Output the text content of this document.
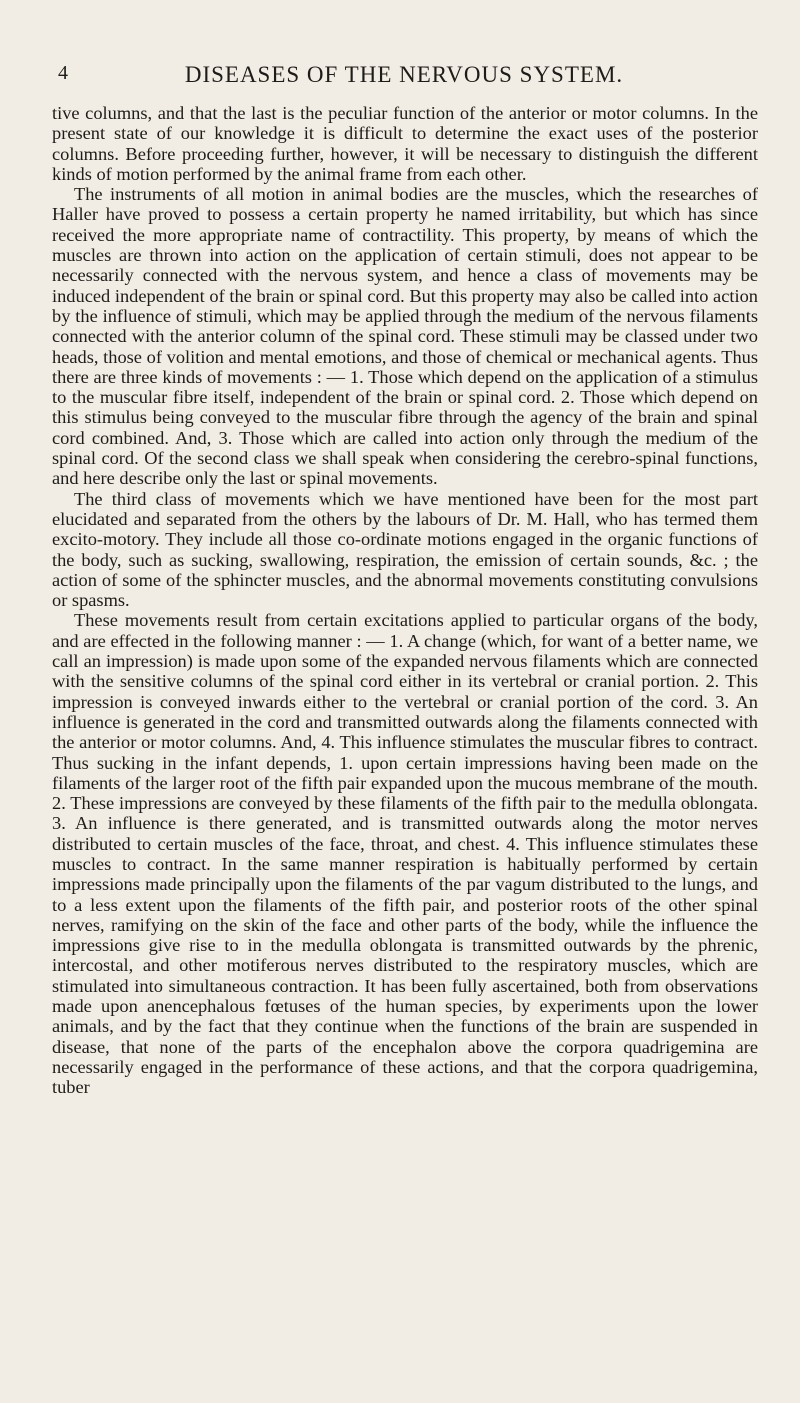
4	DISEASES OF THE NERVOUS SYSTEM.

tive columns, and that the last is the peculiar function of the anterior or motor columns. In the present state of our knowledge it is difficult to determine the exact uses of the posterior columns. Before proceeding further, however, it will be necessary to distinguish the different kinds of motion performed by the animal frame from each other.

The instruments of all motion in animal bodies are the muscles, which the researches of Haller have proved to possess a certain property he named irritability, but which has since received the more appropriate name of contractility. This property, by means of which the muscles are thrown into action on the application of certain stimuli, does not appear to be necessarily connected with the nervous system, and hence a class of movements may be induced independent of the brain or spinal cord. But this property may also be called into action by the influence of stimuli, which may be applied through the medium of the nervous filaments connected with the anterior column of the spinal cord. These stimuli may be classed under two heads, those of volition and mental emotions, and those of chemical or mechanical agents. Thus there are three kinds of movements : — 1. Those which depend on the application of a stimulus to the muscular fibre itself, independent of the brain or spinal cord. 2. Those which depend on this stimulus being conveyed to the muscular fibre through the agency of the brain and spinal cord combined. And, 3. Those which are called into action only through the medium of the spinal cord. Of the second class we shall speak when considering the cerebro-spinal functions, and here describe only the last or spinal movements.

The third class of movements which we have mentioned have been for the most part elucidated and separated from the others by the labours of Dr. M. Hall, who has termed them excito-motory. They include all those co-ordinate motions engaged in the organic functions of the body, such as sucking, swallowing, respiration, the emission of certain sounds, &c. ; the action of some of the sphincter muscles, and the abnormal movements constituting convulsions or spasms.

These movements result from certain excitations applied to particular organs of the body, and are effected in the following manner : — 1. A change (which, for want of a better name, we call an impression) is made upon some of the expanded nervous filaments which are connected with the sensitive columns of the spinal cord either in its vertebral or cranial portion. 2. This impression is conveyed inwards either to the vertebral or cranial portion of the cord. 3. An influence is generated in the cord and transmitted outwards along the filaments connected with the anterior or motor columns. And, 4. This influence stimulates the muscular fibres to contract. Thus sucking in the infant depends, 1. upon certain impressions having been made on the filaments of the larger root of the fifth pair expanded upon the mucous membrane of the mouth. 2. These impressions are conveyed by these filaments of the fifth pair to the medulla oblongata. 3. An influence is there generated, and is transmitted outwards along the motor nerves distributed to certain muscles of the face, throat, and chest. 4. This influence stimulates these muscles to contract. In the same manner respiration is habitually performed by certain impressions made principally upon the filaments of the par vagum distributed to the lungs, and to a less extent upon the filaments of the fifth pair, and posterior roots of the other spinal nerves, ramifying on the skin of the face and other parts of the body, while the influence the impressions give rise to in the medulla oblongata is transmitted outwards by the phrenic, intercostal, and other motiferous nerves distributed to the respiratory muscles, which are stimulated into simultaneous contraction. It has been fully ascertained, both from observations made upon anencephalous fœtuses of the human species, by experiments upon the lower animals, and by the fact that they continue when the functions of the brain are suspended in disease, that none of the parts of the encephalon above the corpora quadrigemina are necessarily engaged in the performance of these actions, and that the corpora quadrigemina, tuber
